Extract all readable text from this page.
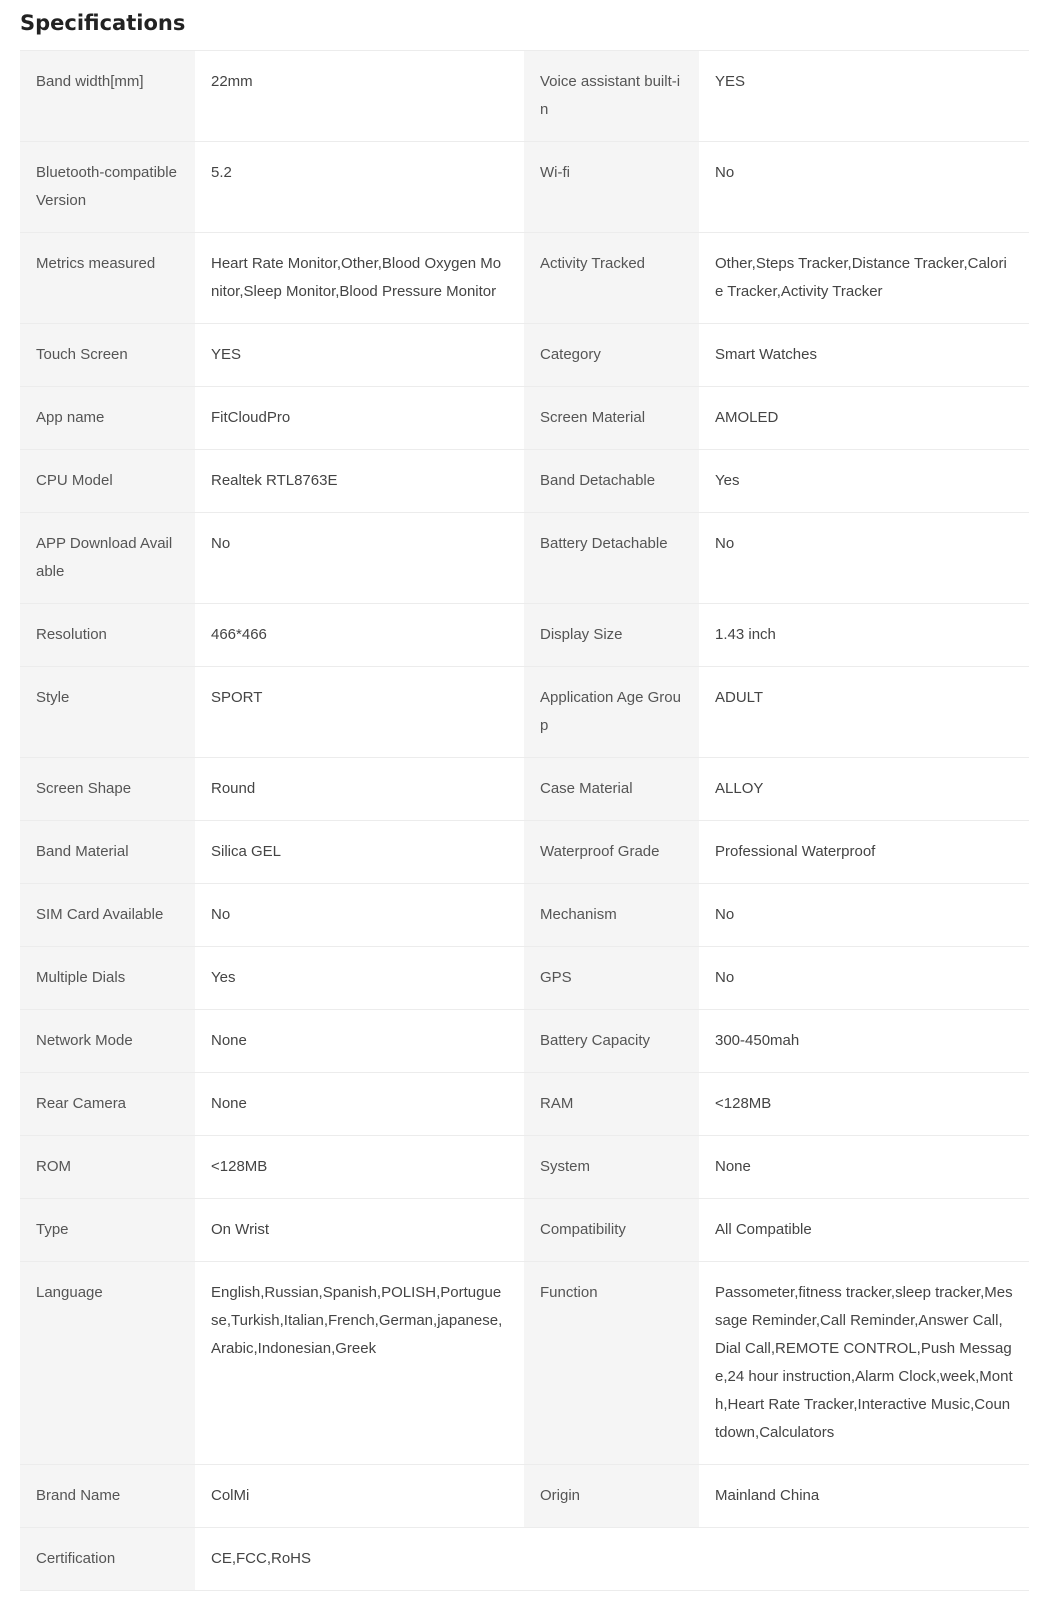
Specifications
Band width[mm]	22mm	Voice assistant built-in	YES
Bluetooth-compatible Version	5.2	Wi-fi	No
Metrics measured	Heart Rate Monitor,Other,Blood Oxygen Monitor,Sleep Monitor,Blood Pressure Monitor	Activity Tracked	Other,Steps Tracker,Distance Tracker,Calorie Tracker,Activity Tracker
Touch Screen	YES	Category	Smart Watches
App name	FitCloudPro	Screen Material	AMOLED
CPU Model	Realtek RTL8763E	Band Detachable	Yes
APP Download Available	No	Battery Detachable	No
Resolution	466*466	Display Size	1.43 inch
Style	SPORT	Application Age Group	ADULT
Screen Shape	Round	Case Material	ALLOY
Band Material	Silica GEL	Waterproof Grade	Professional Waterproof
SIM Card Available	No	Mechanism	No
Multiple Dials	Yes	GPS	No
Network Mode	None	Battery Capacity	300-450mah
Rear Camera	None	RAM	<128MB
ROM	<128MB	System	None
Type	On Wrist	Compatibility	All Compatible
Language	English,Russian,Spanish,POLISH,Portuguese,Turkish,Italian,French,German,japanese,Arabic,Indonesian,Greek	Function	Passometer,fitness tracker,sleep tracker,Message Reminder,Call Reminder,Answer Call,Dial Call,REMOTE CONTROL,Push Message,24 hour instruction,Alarm Clock,week,Month,Heart Rate Tracker,Interactive Music,Countdown,Calculators
Brand Name	ColMi	Origin	Mainland China
Certification	CE,FCC,RoHS		
